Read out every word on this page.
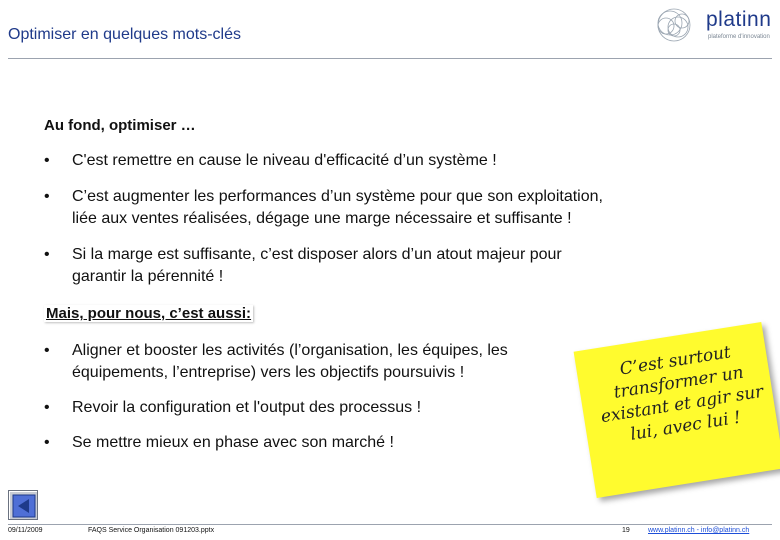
Optimiser en quelques mots-clés
platinn
plateforme d'innovation
Au fond, optimiser …
•	C'est remettre en cause le niveau d'efficacité d’un système !
•	C’est augmenter les performances d’un système pour que son exploitation,
liée aux ventes réalisées, dégage une marge nécessaire et suffisante !
•	Si la marge est suffisante, c’est disposer alors d’un atout majeur pour
garantir la pérennité !
Mais, pour nous, c’est aussi:
•	Aligner et booster les activités (l’organisation, les équipes, les
équipements, l’entreprise) vers les objectifs poursuivis !
•	Revoir la configuration et l'output des processus !
•	Se mettre mieux en phase avec son marché !
C’est surtout
transformer un
existant et agir sur
lui, avec lui !
09/11/2009	FAQS Service Organisation 091203.pptx	19	www.platinn.ch - info@platinn.ch
